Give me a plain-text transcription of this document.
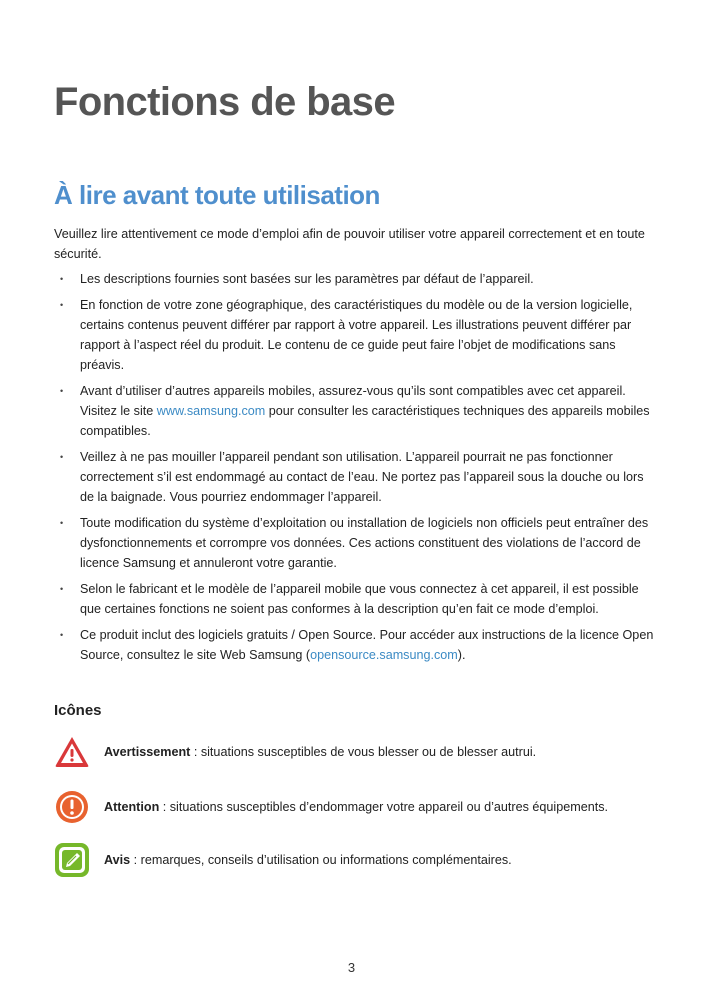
Fonctions de base
À lire avant toute utilisation

Veuillez lire attentivement ce mode d’emploi afin de pouvoir utiliser votre appareil correctement et en toute sécurité.

• Les descriptions fournies sont basées sur les paramètres par défaut de l’appareil.
• En fonction de votre zone géographique, des caractéristiques du modèle ou de la version logicielle, certains contenus peuvent différer par rapport à votre appareil. Les illustrations peuvent différer par rapport à l’aspect réel du produit. Le contenu de ce guide peut faire l’objet de modifications sans préavis.
• Avant d’utiliser d’autres appareils mobiles, assurez-vous qu’ils sont compatibles avec cet appareil. Visitez le site www.samsung.com pour consulter les caractéristiques techniques des appareils mobiles compatibles.
• Veillez à ne pas mouiller l’appareil pendant son utilisation. L’appareil pourrait ne pas fonctionner correctement s’il est endommagé au contact de l’eau. Ne portez pas l’appareil sous la douche ou lors de la baignade. Vous pourriez endommager l’appareil.
• Toute modification du système d’exploitation ou installation de logiciels non officiels peut entraîner des dysfonctionnements et corrompre vos données. Ces actions constituent des violations de l’accord de licence Samsung et annuleront votre garantie.
• Selon le fabricant et le modèle de l’appareil mobile que vous connectez à cet appareil, il est possible que certaines fonctions ne soient pas conformes à la description qu’en fait ce mode d’emploi.
• Ce produit inclut des logiciels gratuits / Open Source. Pour accéder aux instructions de la licence Open Source, consultez le site Web Samsung (opensource.samsung.com).
Icônes
Avertissement : situations susceptibles de vous blesser ou de blesser autrui.
Attention : situations susceptibles d’endommager votre appareil ou d’autres équipements.
Avis : remarques, conseils d’utilisation ou informations complémentaires.
3
